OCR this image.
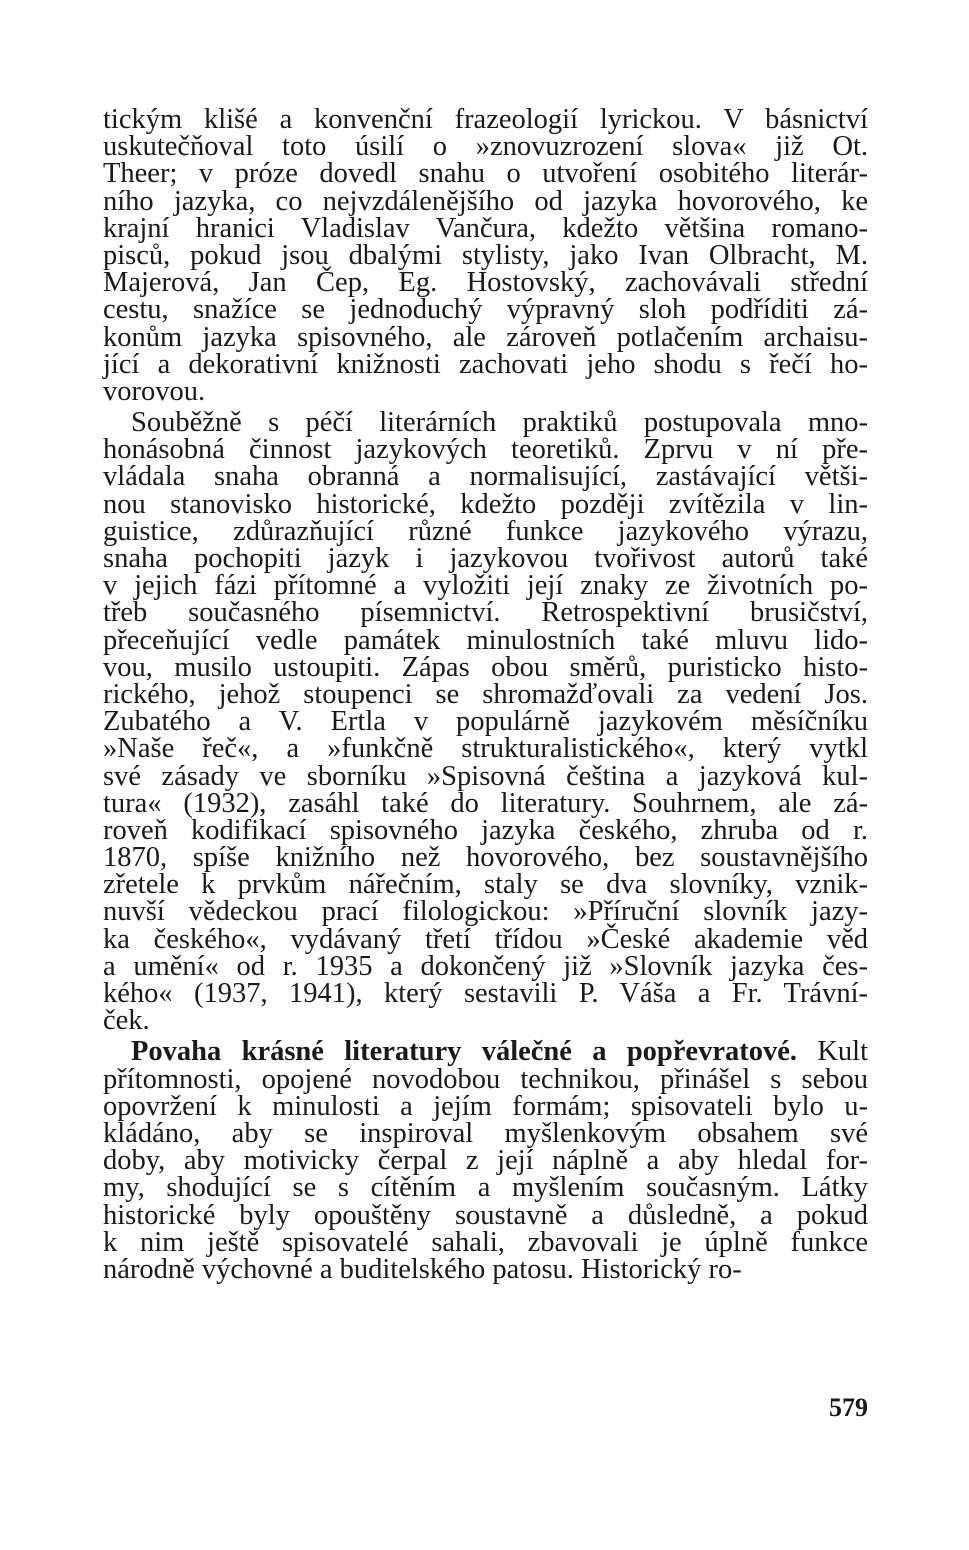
tickým klišé a konvenční frazeologií lyrickou. V básnictví
uskutečňoval toto úsilí o »znovuzrození slova« již Ot.
Theer; v próze dovedl snahu o utvoření osobitého literár-
ního jazyka, co nejvzdálenějšího od jazyka hovorového, ke
krajní hranici Vladislav Vančura, kdežto většina romano-
pisců, pokud jsou dbalými stylisty, jako Ivan Olbracht, M.
Majerová, Jan Čep, Eg. Hostovský, zachovávali střední
cestu, snažíce se jednoduchý výpravný sloh podříditi zá-
konům jazyka spisovného, ale zároveň potlačením archaisu-
jící a dekorativní knižnosti zachovati jeho shodu s řečí ho-
vorovou.
Souběžně s péčí literárních praktiků postupovala mno-
honásobná činnost jazykových teoretiků. Zprvu v ní pře-
vládala snaha obranná a normalisující, zastávající větši-
nou stanovisko historické, kdežto později zvítězila v lin-
guistice, zdůrazňující různé funkce jazykového výrazu,
snaha pochopiti jazyk i jazykovou tvořivost autorů také
v jejich fázi přítomné a vyložiti její znaky ze životních po-
třeb současného písemnictví. Retrospektivní brusičství,
přeceňující vedle památek minulostních také mluvu lido-
vou, musilo ustoupiti. Zápas obou směrů, puristicko histo-
rického, jehož stoupenci se shromažďovali za vedení Jos.
Zubatého a V. Ertla v populárně jazykovém měsíčníku
»Naše řeč«, a »funkčně strukturalistického«, který vytkl
své zásady ve sborníku »Spisovná čeština a jazyková kul-
tura« (1932), zasáhl také do literatury. Souhrnem, ale zá-
roveň kodifikací spisovného jazyka českého, zhruba od r.
1870, spíše knižního než hovorového, bez soustavnějšího
zřetele k prvkům nářečním, staly se dva slovníky, vznik-
nuvší vědeckou prací filologickou: »Příruční slovník jazy-
ka českého«, vydávaný třetí třídou »České akademie věd
a umění« od r. 1935 a dokončený již »Slovník jazyka čes-
kého« (1937, 1941), který sestavili P. Váša a Fr. Trávní-
ček.
Povaha krásné literatury válečné a popřevratové. Kult
přítomnosti, opojené novodobou technikou, přinášel s sebou
opovržení k minulosti a jejím formám; spisovateli bylo u-
kládáno, aby se inspiroval myšlenkovým obsahem své
doby, aby motivicky čerpal z její náplně a aby hledal for-
my, shodující se s cítěním a myšlením současným. Látky
historické byly opouštěny soustavně a důsledně, a pokud
k nim ještě spisovatelé sahali, zbavovali je úplně funkce
národně výchovné a buditelského patosu. Historický ro-
579
